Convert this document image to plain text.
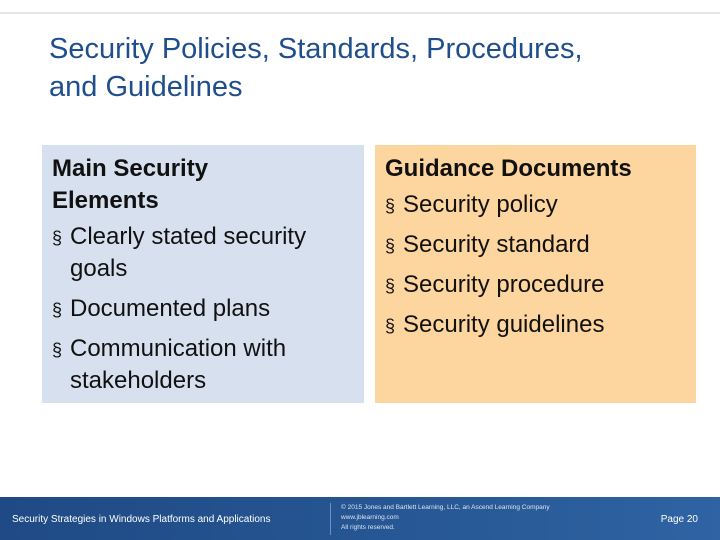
Security Policies, Standards, Procedures,
and Guidelines
Main Security
Elements
§ Clearly stated security
goals
§ Documented plans
§ Communication with
stakeholders
Guidance Documents
§ Security policy
§ Security standard
§ Security procedure
§ Security guidelines
Security Strategies in Windows Platforms and Applications
© 2015 Jones and Bartlett Learning, LLC, an Ascend Learning Company
www.jblearning.com
All rights reserved.
Page 20
